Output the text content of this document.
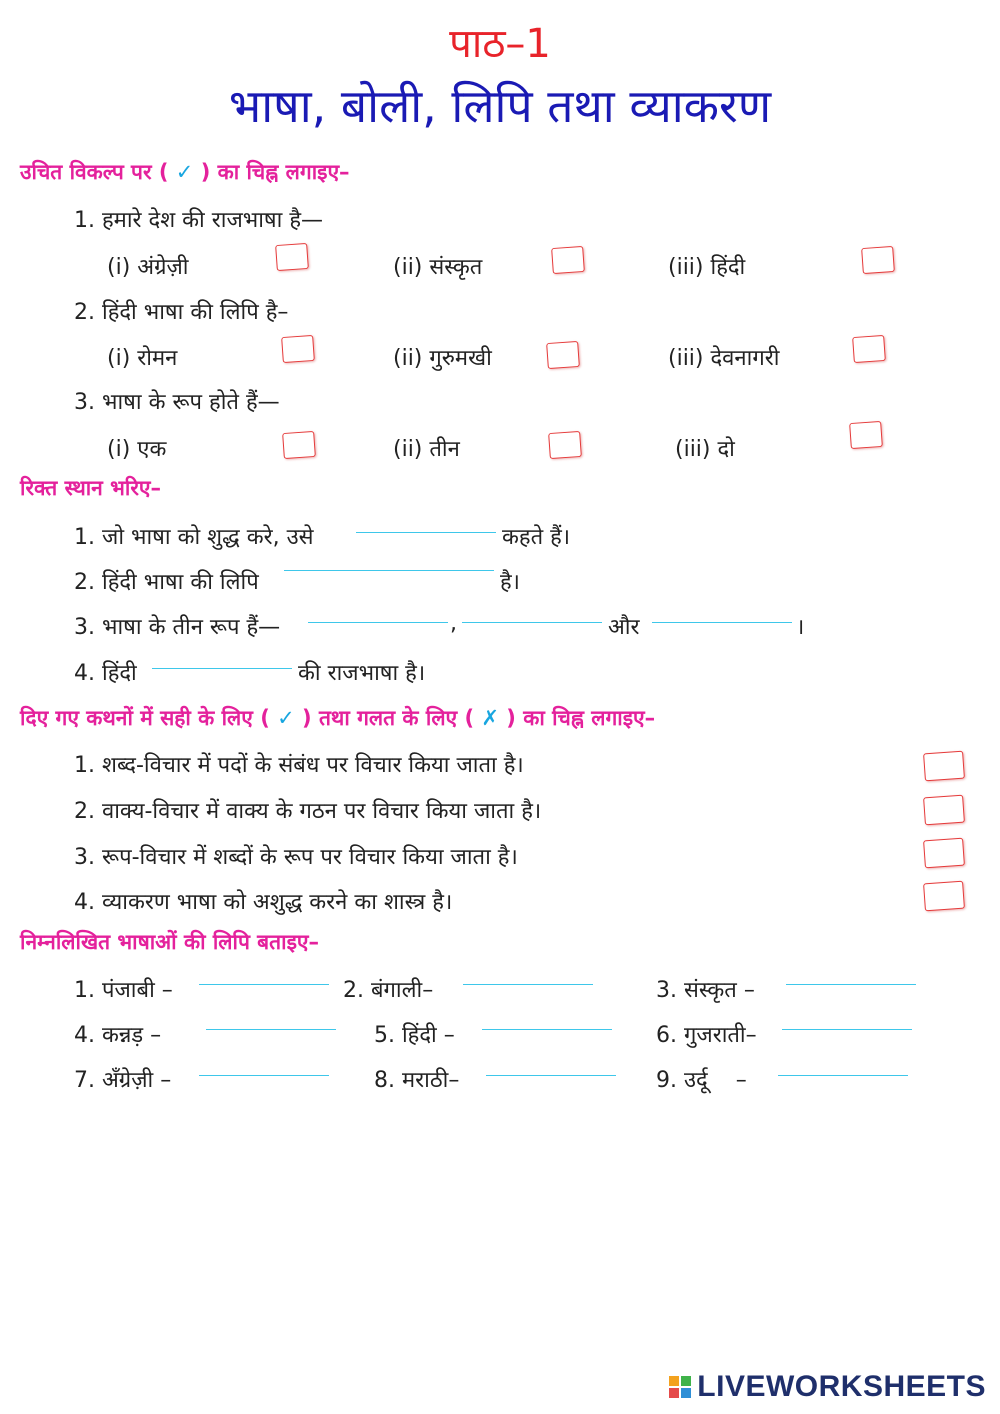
पाठ–1
भाषा, बोली, लिपि तथा व्याकरण
उचित विकल्प पर ( ✓ ) का चिह्न लगाइए–
1. हमारे देश की राजभाषा है—
(i) अंग्रेज़ी	(ii) संस्कृत	(iii) हिंदी
2. हिंदी भाषा की लिपि है–
(i) रोमन	(ii) गुरुमखी	(iii) देवनागरी
3. भाषा के रूप होते हैं—
(i) एक	(ii) तीन	(iii) दो
रिक्त स्थान भरिए–
1. जो भाषा को शुद्ध करे, उसे	कहते हैं।
2. हिंदी भाषा की लिपि	है।
3. भाषा के तीन रूप हैं—	,	और	।
4. हिंदी	की राजभाषा है।
दिए गए कथनों में सही के लिए ( ✓ ) तथा गलत के लिए ( ✗ ) का चिह्न लगाइए–
1. शब्द-विचार में पदों के संबंध पर विचार किया जाता है।
2. वाक्य-विचार में वाक्य के गठन पर विचार किया जाता है।
3. रूप-विचार में शब्दों के रूप पर विचार किया जाता है।
4. व्याकरण भाषा को अशुद्ध करने का शास्त्र है।
निम्नलिखित भाषाओं की लिपि बताइए–
1. पंजाबी –	2. बंगाली–	3. संस्कृत –
4. कन्नड़ –	5. हिंदी –	6. गुजराती–
7. अँग्रेज़ी –	8. मराठी–	9. उर्दू    –
LIVEWORKSHEETS
